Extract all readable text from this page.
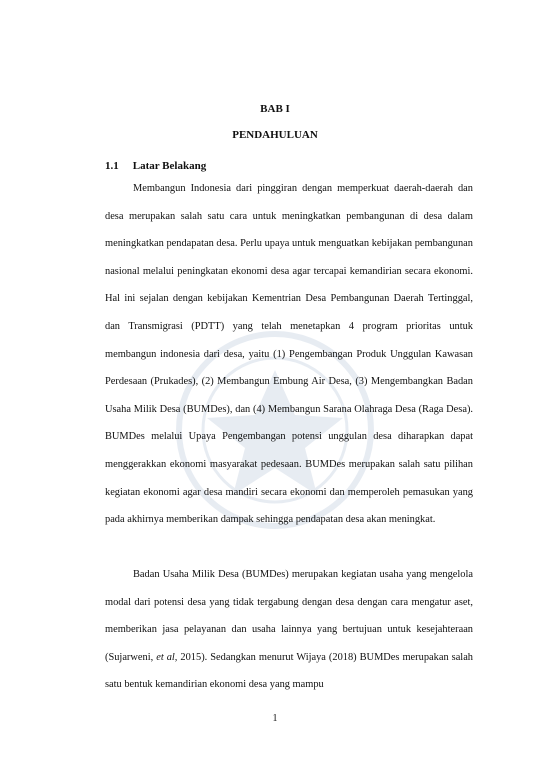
BAB I
PENDAHULUAN
1.1 Latar Belakang

Membangun Indonesia dari pinggiran dengan memperkuat daerah-daerah dan desa merupakan salah satu cara untuk meningkatkan pembangunan di desa dalam meningkatkan pendapatan desa. Perlu upaya untuk menguatkan kebijakan pembangunan nasional melalui peningkatan ekonomi desa agar tercapai kemandirian secara ekonomi. Hal ini sejalan dengan kebijakan Kementrian Desa Pembangunan Daerah Tertinggal, dan Transmigrasi (PDTT) yang telah menetapkan 4 program prioritas untuk membangun indonesia dari desa, yaitu (1) Pengembangan Produk Unggulan Kawasan Perdesaan (Prukades), (2) Membangun Embung Air Desa, (3) Mengembangkan Badan Usaha Milik Desa (BUMDes), dan (4) Membangun Sarana Olahraga Desa (Raga Desa). BUMDes melalui Upaya Pengembangan potensi unggulan desa diharapkan dapat menggerakkan ekonomi masyarakat pedesaan. BUMDes merupakan salah satu pilihan kegiatan ekonomi agar desa mandiri secara ekonomi dan memperoleh pemasukan yang pada akhirnya memberikan dampak sehingga pendapatan desa akan meningkat.

Badan Usaha Milik Desa (BUMDes) merupakan kegiatan usaha yang mengelola modal dari potensi desa yang tidak tergabung dengan desa dengan cara mengatur aset, memberikan jasa pelayanan dan usaha lainnya yang bertujuan untuk kesejahteraan (Sujarweni, et al, 2015). Sedangkan menurut Wijaya (2018) BUMDes merupakan salah satu bentuk kemandirian ekonomi desa yang mampu

1
